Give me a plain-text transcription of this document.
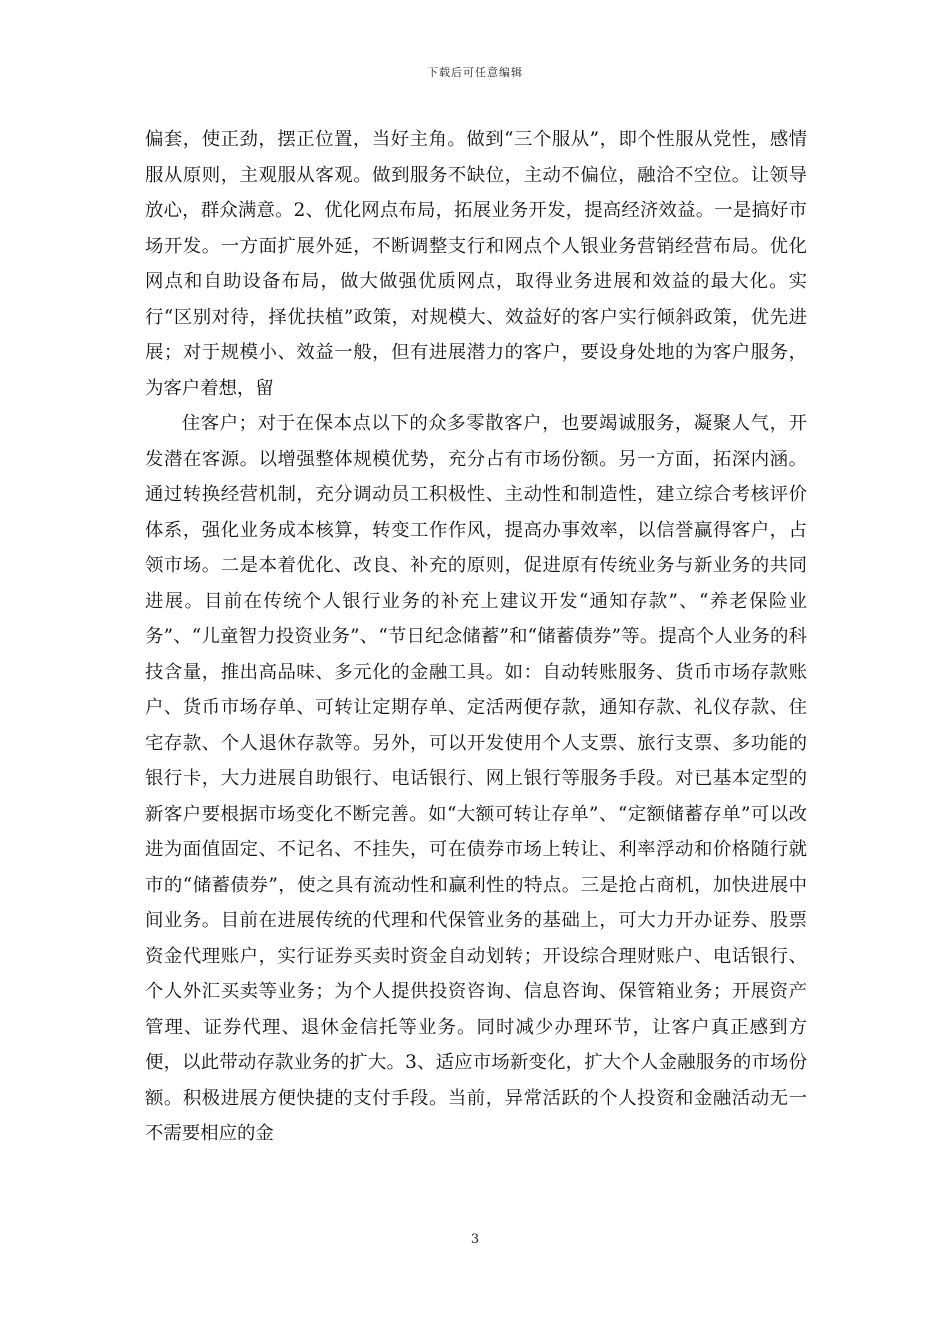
下载后可任意编辑

偏套，使正劲，摆正位置，当好主角。做到“三个服从”，即个性服从党性，感情服从原则，主观服从客观。做到服务不缺位，主动不偏位，融洽不空位。让领导放心，群众满意。2、优化网点布局，拓展业务开发，提高经济效益。一是搞好市场开发。一方面扩展外延，不断调整支行和网点个人银业务营销经营布局。优化网点和自助设备布局，做大做强优质网点，取得业务进展和效益的最大化。实行“区别对待，择优扶植”政策，对规模大、效益好的客户实行倾斜政策，优先进展；对于规模小、效益一般，但有进展潜力的客户，要设身处地的为客户服务，为客户着想，留

住客户；对于在保本点以下的众多零散客户，也要竭诚服务，凝聚人气，开发潜在客源。以增强整体规模优势，充分占有市场份额。另一方面，拓深内涵。通过转换经营机制，充分调动员工积极性、主动性和制造性，建立综合考核评价体系，强化业务成本核算，转变工作作风，提高办事效率，以信誉赢得客户，占领市场。二是本着优化、改良、补充的原则，促进原有传统业务与新业务的共同进展。目前在传统个人银行业务的补充上建议开发“通知存款”、“养老保险业务”、“儿童智力投资业务”、“节日纪念储蓄”和“储蓄债券”等。提高个人业务的科技含量，推出高品味、多元化的金融工具。如：自动转账服务、货币市场存款账户、货币市场存单、可转让定期存单、定活两便存款，通知存款、礼仪存款、住宅存款、个人退休存款等。另外，可以开发使用个人支票、旅行支票、多功能的银行卡，大力进展自助银行、电话银行、网上银行等服务手段。对已基本定型的新客户要根据市场变化不断完善。如“大额可转让存单”、“定额储蓄存单”可以改进为面值固定、不记名、不挂失，可在债券市场上转让、利率浮动和价格随行就市的“储蓄债券”，使之具有流动性和赢利性的特点。三是抢占商机，加快进展中间业务。目前在进展传统的代理和代保管业务的基础上，可大力开办证券、股票资金代理账户，实行证券买卖时资金自动划转；开设综合理财账户、电话银行、个人外汇买卖等业务；为个人提供投资咨询、信息咨询、保管箱业务；开展资产管理、证券代理、退休金信托等业务。同时减少办理环节，让客户真正感到方便，以此带动存款业务的扩大。3、适应市场新变化，扩大个人金融服务的市场份额。积极进展方便快捷的支付手段。当前，异常活跃的个人投资和金融活动无一不需要相应的金

3
